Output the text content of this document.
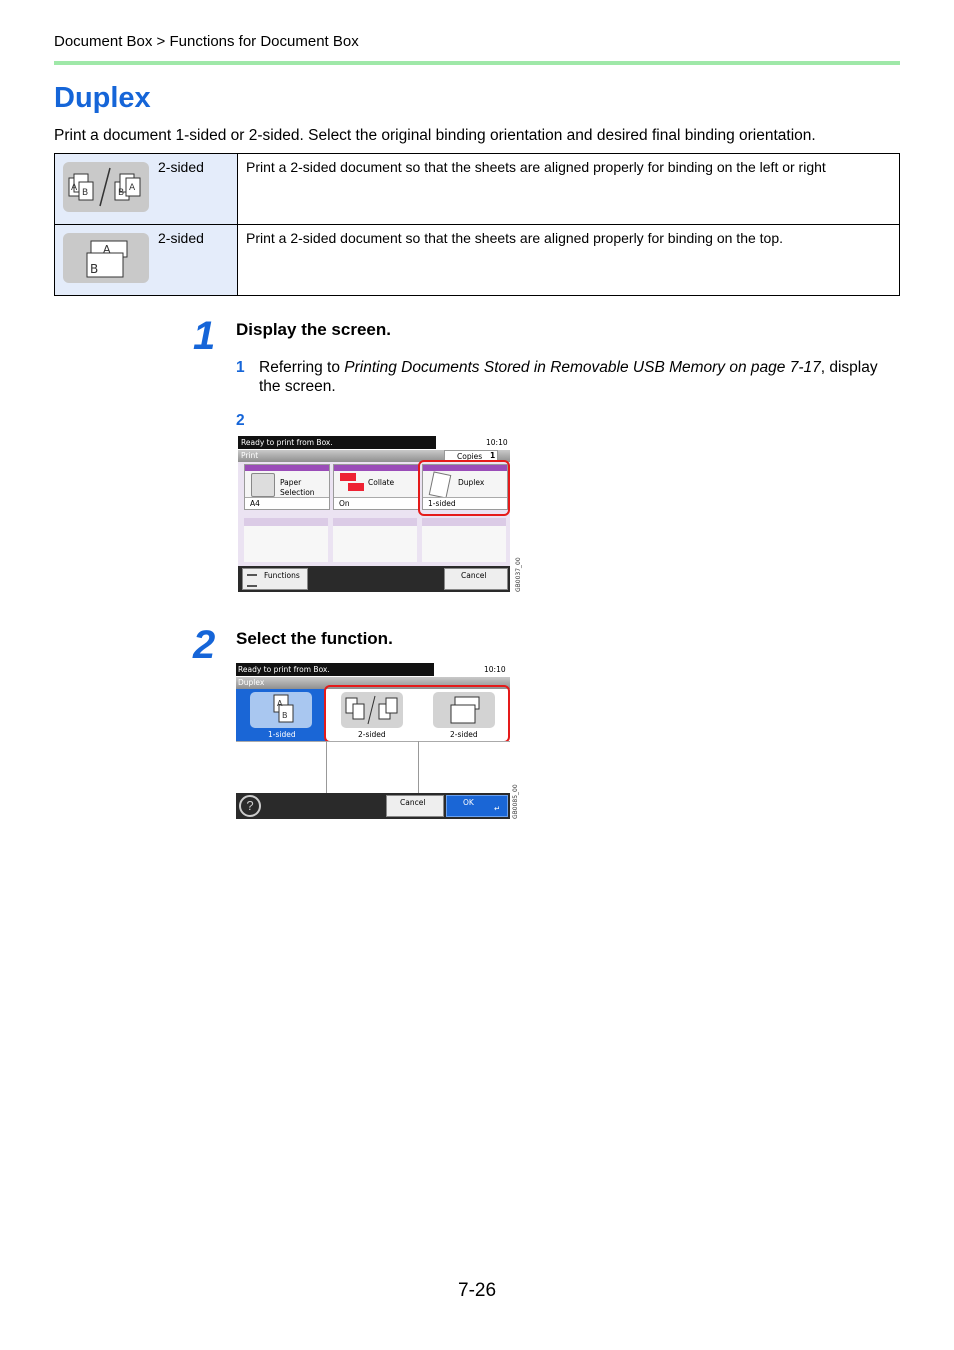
Document Box > Functions for Document Box
Duplex
Print a document 1-sided or 2-sided. Select the original binding orientation and desired final binding orientation.
A B B A
2-sided	Print a 2-sided document so that the sheets are aligned properly for binding on the left or right

A
B
2-sided	Print a 2-sided document so that the sheets are aligned properly for binding on the top.
1 Display the screen.
1 Referring to Printing Documents Stored in Removable USB Memory on page 7-17, display the screen.
2
Ready to print from Box.	10:10
Print	Copies 1
Paper
Selection
A4
Collate
On
Duplex
1-sided
Functions	Cancel	GB0037_00
2 Select the function.
Ready to print from Box.	10:10
Duplex
A
B
1-sided	2-sided	2-sided
?	Cancel	OK
↵ GB0085_00
7-26
